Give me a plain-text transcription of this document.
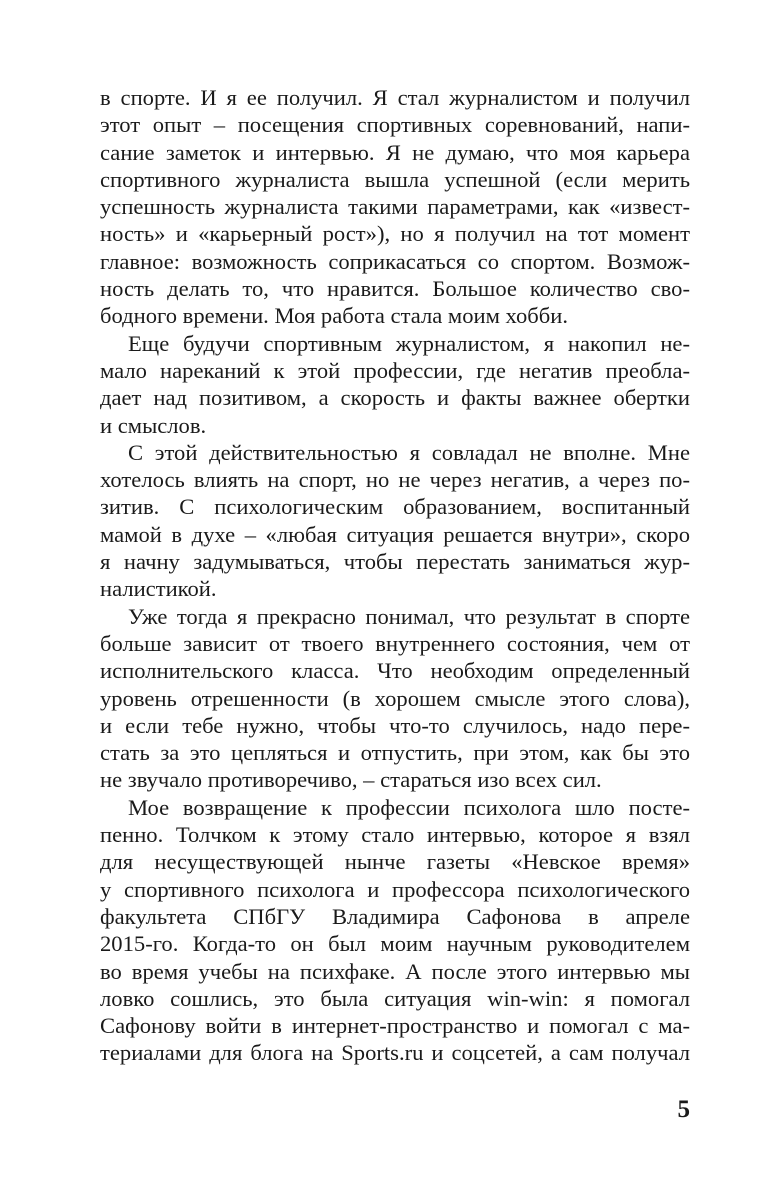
в спорте. И я ее получил. Я стал журналистом и получил
этот опыт – посещения спортивных соревнований, напи-
сание заметок и интервью. Я не думаю, что моя карьера
спортивного журналиста вышла успешной (если мерить
успешность журналиста такими параметрами, как «извест-
ность» и «карьерный рост»), но я получил на тот момент
главное: возможность соприкасаться со спортом. Возмож-
ность делать то, что нравится. Большое количество сво-
бодного времени. Моя работа стала моим хобби.
Еще будучи спортивным журналистом, я накопил не-
мало нареканий к этой профессии, где негатив преобла-
дает над позитивом, а скорость и факты важнее обертки
и смыслов.
С этой действительностью я совладал не вполне. Мне
хотелось влиять на спорт, но не через негатив, а через по-
зитив. С психологическим образованием, воспитанный
мамой в духе – «любая ситуация решается внутри», скоро
я начну задумываться, чтобы перестать заниматься жур-
налистикой.
Уже тогда я прекрасно понимал, что результат в спорте
больше зависит от твоего внутреннего состояния, чем от
исполнительского класса. Что необходим определенный
уровень отрешенности (в хорошем смысле этого слова),
и если тебе нужно, чтобы что-то случилось, надо пере-
стать за это цепляться и отпустить, при этом, как бы это
не звучало противоречиво, – стараться изо всех сил.
Мое возвращение к профессии психолога шло посте-
пенно. Толчком к этому стало интервью, которое я взял
для несуществующей нынче газеты «Невское время»
у спортивного психолога и профессора психологического
факультета СПбГУ Владимира Сафонова в апреле
2015-го. Когда-то он был моим научным руководителем
во время учебы на психфаке. А после этого интервью мы
ловко сошлись, это была ситуация win-win: я помогал
Сафонову войти в интернет-пространство и помогал с ма-
териалами для блога на Sports.ru и соцсетей, а сам получал
5
